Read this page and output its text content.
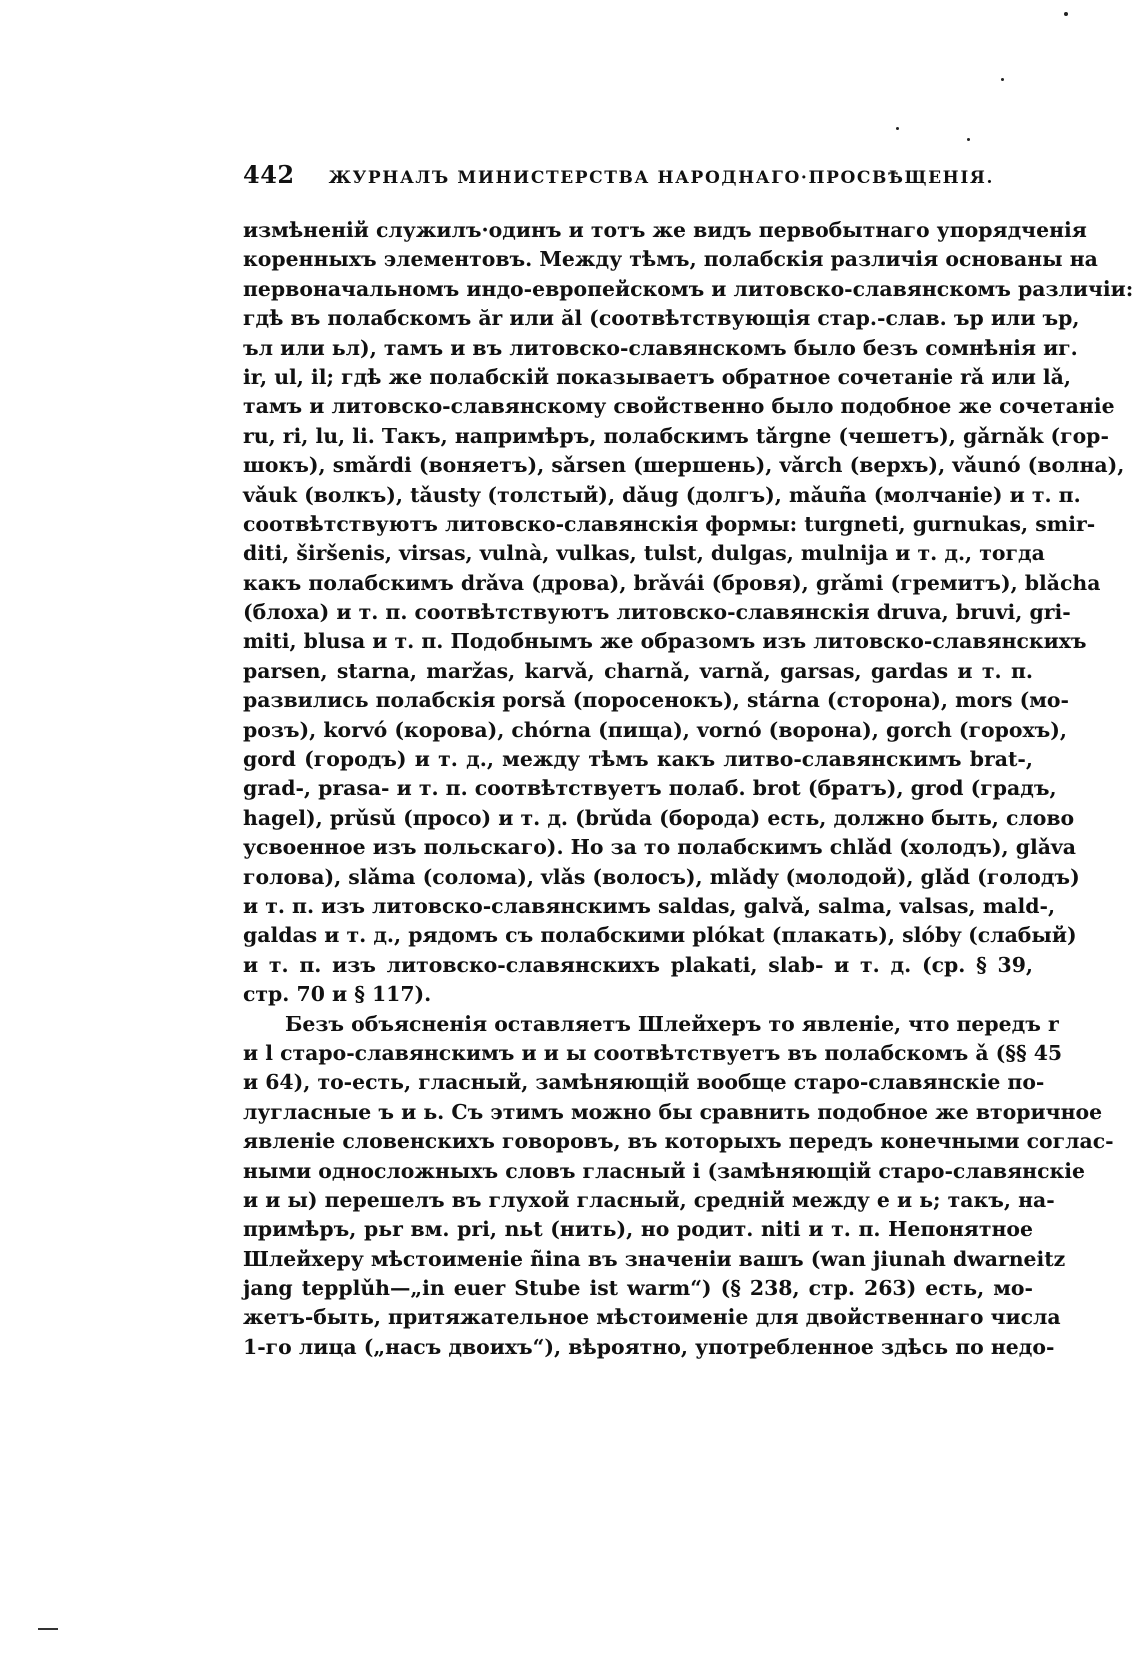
442 ЖУРНАЛЪ МИНИСТЕРСТВА НАРОДНАГО·ПРОСВѢЩЕНІЯ.
измѣненій служилъ·одинъ и тотъ же видъ первобытнаго упорядченія
коренныхъ элементовъ. Между тѣмъ, полабскія различія основаны на
первоначальномъ индо-европейскомъ и литовско-славянскомъ различіи:
гдѣ въ полабскомъ ăr или ăl (соотвѣтствующія стар.-слав. ър или ър,
ъл или ьл), тамъ и въ литовско-славянскомъ было безъ сомнѣнія иг.
ir, ul, il; гдѣ же полабскій показываетъ обратное сочетаніе rǎ или lǎ,
тамъ и литовско-славянскому свойственно было подобное же сочетаніе
ru, ri, lu, li. Такъ, напримѣръ, полабскимъ tǎrgne (чешетъ), gǎrnǎk (гор-
шокъ), smǎrdi (воняетъ), sǎrsen (шершень), vǎrch (верхъ), vǎunó (волна),
vǎuk (волкъ), tǎusty (толстый), dǎug (долгъ), mǎuña (молчаніе) и т. п.
соотвѣтствуютъ литовско-славянскія формы: turgneti, gurnukas, smir-
diti, širšenis, virsas, vulnà, vulkas, tulst, dulgas, mulnija и т. д., тогда
какъ полабскимъ drǎva (дрова), brǎvái (бровя), grǎmi (гремитъ), blǎcha
(блоха) и т. п. соотвѣтствуютъ литовско-славянскія druva, bruvi, gri-
miti, blusa и т. п. Подобнымъ же образомъ изъ литовско-славянскихъ
parsen, starna, maržas, karvǎ, charnǎ, varnǎ, garsas, gardas и т. п.
развились полабскія porsǎ (поросенокъ), stárna (сторона), mors (мо-
розъ), korvó (корова), chórna (пища), vornó (ворона), gorch (горохъ),
gord (городъ) и т. д., между тѣмъ какъ литво-славянскимъ brat-,
grad-, prasa- и т. п. соотвѣтствуетъ полаб. brot (братъ), grod (градъ,
hagel), prǔsǔ (просо) и т. д. (brǔda (борода) есть, должно быть, слово
усвоенное изъ польскаго). Но за то полабскимъ chlǎd (холодъ), glǎva
голова), slǎma (солома), vlǎs (волосъ), mlǎdy (молодой), glǎd (голодъ)
и т. п. изъ литовско-славянскимъ saldas, galvǎ, salma, valsas, mald-,
galdas и т. д., рядомъ съ полабскими plókat (плакать), slóby (слабый)
и т. п. изъ литовско-славянскихъ plakati, slab- и т. д. (ср. § 39,
стр. 70 и § 117).
Безъ объясненія оставляетъ Шлейхеръ то явленіе, что передъ r
и l старо-славянскимъ и и ы соотвѣтствуетъ въ полабскомъ ǎ (§§ 45
и 64), то-есть, гласный, замѣняющій вообще старо-славянскіе по-
лугласные ъ и ь. Съ этимъ можно бы сравнить подобное же вторичное
явленіе словенскихъ говоровъ, въ которыхъ передъ конечными соглас-
ными односложныхъ словъ гласный i (замѣняющій старо-славянскіе
и и ы) перешелъ въ глухой гласный, средній между e и ь; такъ, на-
примѣръ, pьr вм. pri, nьt (нить), но родит. niti и т. п. Непонятное
Шлейхеру мѣстоименіе ñina въ значеніи вашъ (wan jiunah dwarneitz
jang tepplǔh—„in euer Stube ist warm“) (§ 238, стр. 263) есть, мо-
жетъ-быть, притяжательное мѣстоименіе для двойственнаго числа
1-го лица („насъ двоихъ“), вѣроятно, употребленное здѣсь по недо-
